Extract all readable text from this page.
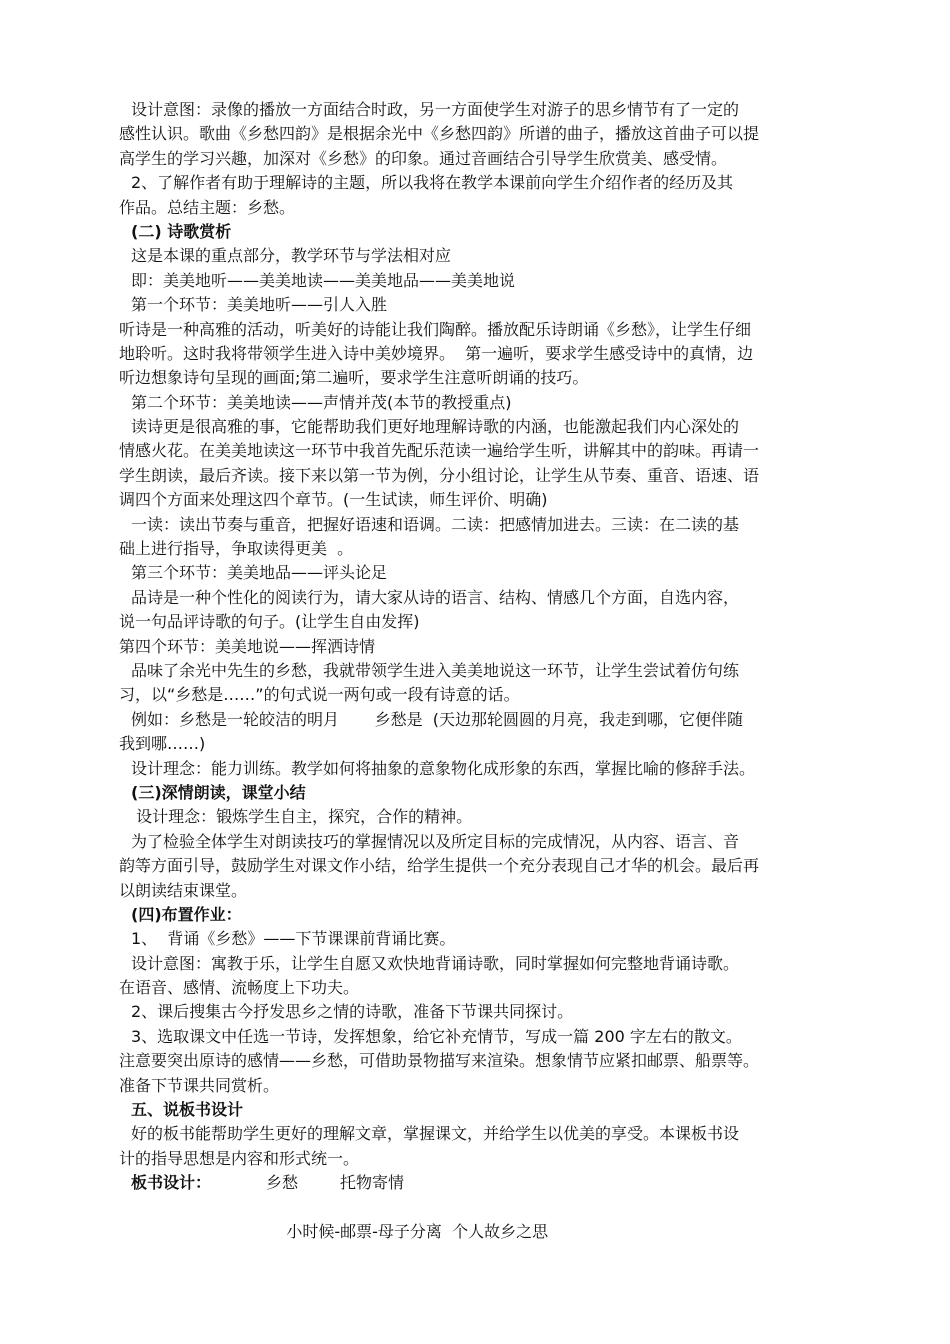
设计意图：录像的播放一方面结合时政，另一方面使学生对游子的思乡情节有了一定的
感性认识。歌曲《乡愁四韵》是根据余光中《乡愁四韵》所谱的曲子，播放这首曲子可以提
高学生的学习兴趣，加深对《乡愁》的印象。通过音画结合引导学生欣赏美、感受情。
2、了解作者有助于理解诗的主题，所以我将在教学本课前向学生介绍作者的经历及其
作品。总结主题：乡愁。
(二) 诗歌赏析
这是本课的重点部分，教学环节与学法相对应
即：美美地听——美美地读——美美地品——美美地说
第一个环节：美美地听——引人入胜
听诗是一种高雅的活动，听美好的诗能让我们陶醉。播放配乐诗朗诵《乡愁》，让学生仔细
地聆听。这时我将带领学生进入诗中美妙境界。  第一遍听，要求学生感受诗中的真情，边
听边想象诗句呈现的画面;第二遍听，要求学生注意听朗诵的技巧。
第二个环节：美美地读——声情并茂(本节的教授重点)
读诗更是很高雅的事，它能帮助我们更好地理解诗歌的内涵，也能激起我们内心深处的
情感火花。在美美地读这一环节中我首先配乐范读一遍给学生听，讲解其中的韵味。再请一
学生朗读，最后齐读。接下来以第一节为例，分小组讨论，让学生从节奏、重音、语速、语
调四个方面来处理这四个章节。(一生试读，师生评价、明确)
一读：读出节奏与重音，把握好语速和语调。二读：把感情加进去。三读：在二读的基
础上进行指导，争取读得更美  。
第三个环节：美美地品——评头论足
品诗是一种个性化的阅读行为，请大家从诗的语言、结构、情感几个方面，自选内容，
说一句品评诗歌的句子。(让学生自由发挥)
第四个环节：美美地说——挥洒诗情
品味了余光中先生的乡愁，我就带领学生进入美美地说这一环节，让学生尝试着仿句练
习，以“乡愁是……”的句式说一两句或一段有诗意的话。
例如：乡愁是一轮皎洁的明月       乡愁是  (天边那轮圆圆的月亮，我走到哪，它便伴随
我到哪……)
设计理念：能力训练。教学如何将抽象的意象物化成形象的东西，掌握比喻的修辞手法。
(三)深情朗读，课堂小结
设计理念：锻炼学生自主，探究，合作的精神。
为了检验全体学生对朗读技巧的掌握情况以及所定目标的完成情况，从内容、语言、音
韵等方面引导，鼓励学生对课文作小结，给学生提供一个充分表现自己才华的机会。最后再
以朗读结束课堂。
(四)布置作业：
1、  背诵《乡愁》——下节课课前背诵比赛。
设计意图：寓教于乐，让学生自愿又欢快地背诵诗歌，同时掌握如何完整地背诵诗歌。
在语音、感情、流畅度上下功夫。
2、课后搜集古今抒发思乡之情的诗歌，准备下节课共同探讨。
3、选取课文中任选一节诗，发挥想象，给它补充情节，写成一篇 200 字左右的散文。
注意要突出原诗的感情——乡愁，可借助景物描写来渲染。想象情节应紧扣邮票、船票等。
准备下节课共同赏析。
五、说板书设计
好的板书能帮助学生更好的理解文章，掌握课文，并给学生以优美的享受。本课板书设
计的指导思想是内容和形式统一。
板书设计：	乡愁	托物寄情

小时候-邮票-母子分离  个人故乡之思
